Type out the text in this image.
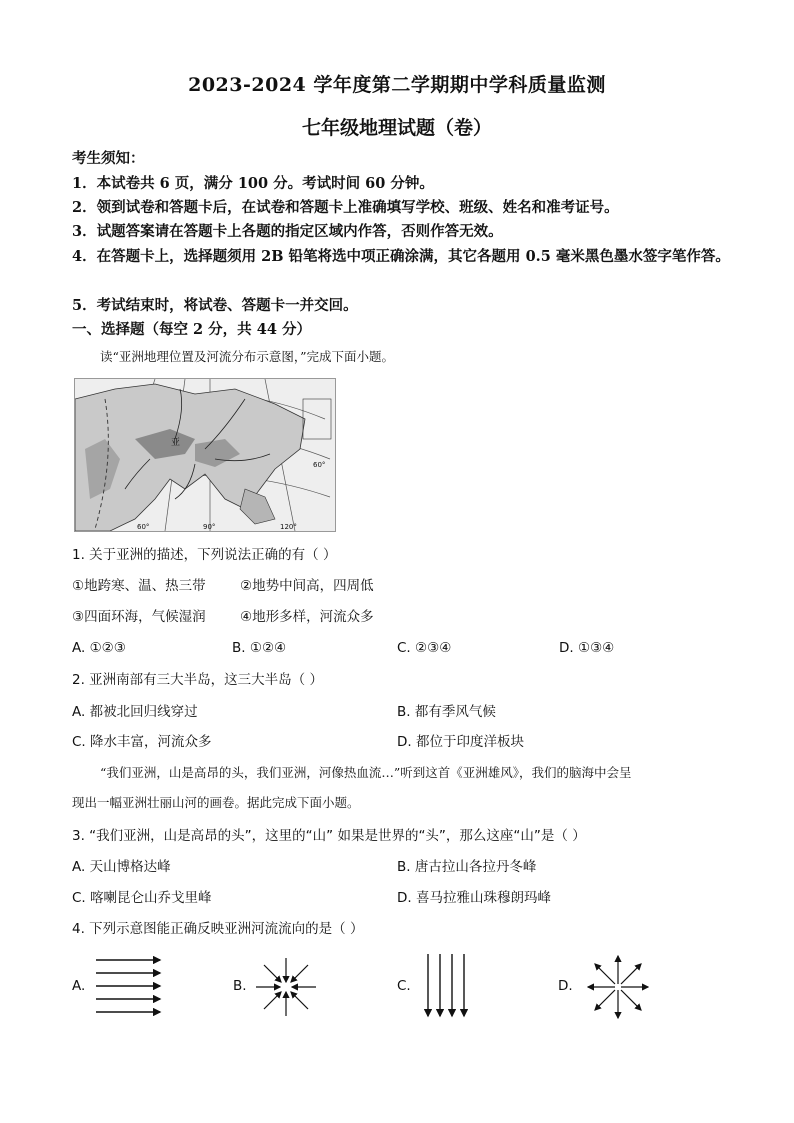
2023-2024 学年度第二学期期中学科质量监测
七年级地理试题（卷）
考生须知：
1．本试卷共 6 页，满分 100 分。考试时间 60 分钟。
2．领到试卷和答题卡后，在试卷和答题卡上准确填写学校、班级、姓名和准考证号。
3．试题答案请在答题卡上各题的指定区域内作答，否则作答无效。
4．在答题卡上，选择题须用 2B 铅笔将选中项正确涂满，其它各题用 0.5 毫米黑色墨水签字笔作答。
5．考试结束时，将试卷、答题卡一并交回。
一、选择题（每空 2 分，共 44 分）
读“亚洲地理位置及河流分布示意图，”完成下面小题。
亚
60°	90°	120°
60°
1. 关于亚洲的描述，下列说法正确的有（ ）
①地跨寒、温、热三带	②地势中间高，四周低
③四面环海，气候湿润	④地形多样，河流众多
A. ①②③	B. ①②④	C. ②③④	D. ①③④
2. 亚洲南部有三大半岛，这三大半岛（ ）
A. 都被北回归线穿过	B. 都有季风气候
C. 降水丰富，河流众多	D. 都位于印度洋板块
“我们亚洲，山是高昂的头，我们亚洲，河像热血流…”听到这首《亚洲雄风》，我们的脑海中会呈
现出一幅亚洲壮丽山河的画卷。据此完成下面小题。
3. “我们亚洲，山是高昂的头”，这里的“山” 如果是世界的“头”，那么这座“山”是（ ）
A. 天山博格达峰	B. 唐古拉山各拉丹冬峰
C. 喀喇昆仑山乔戈里峰	D. 喜马拉雅山珠穆朗玛峰
4. 下列示意图能正确反映亚洲河流流向的是（ ）
A.	B.	C.	D.
